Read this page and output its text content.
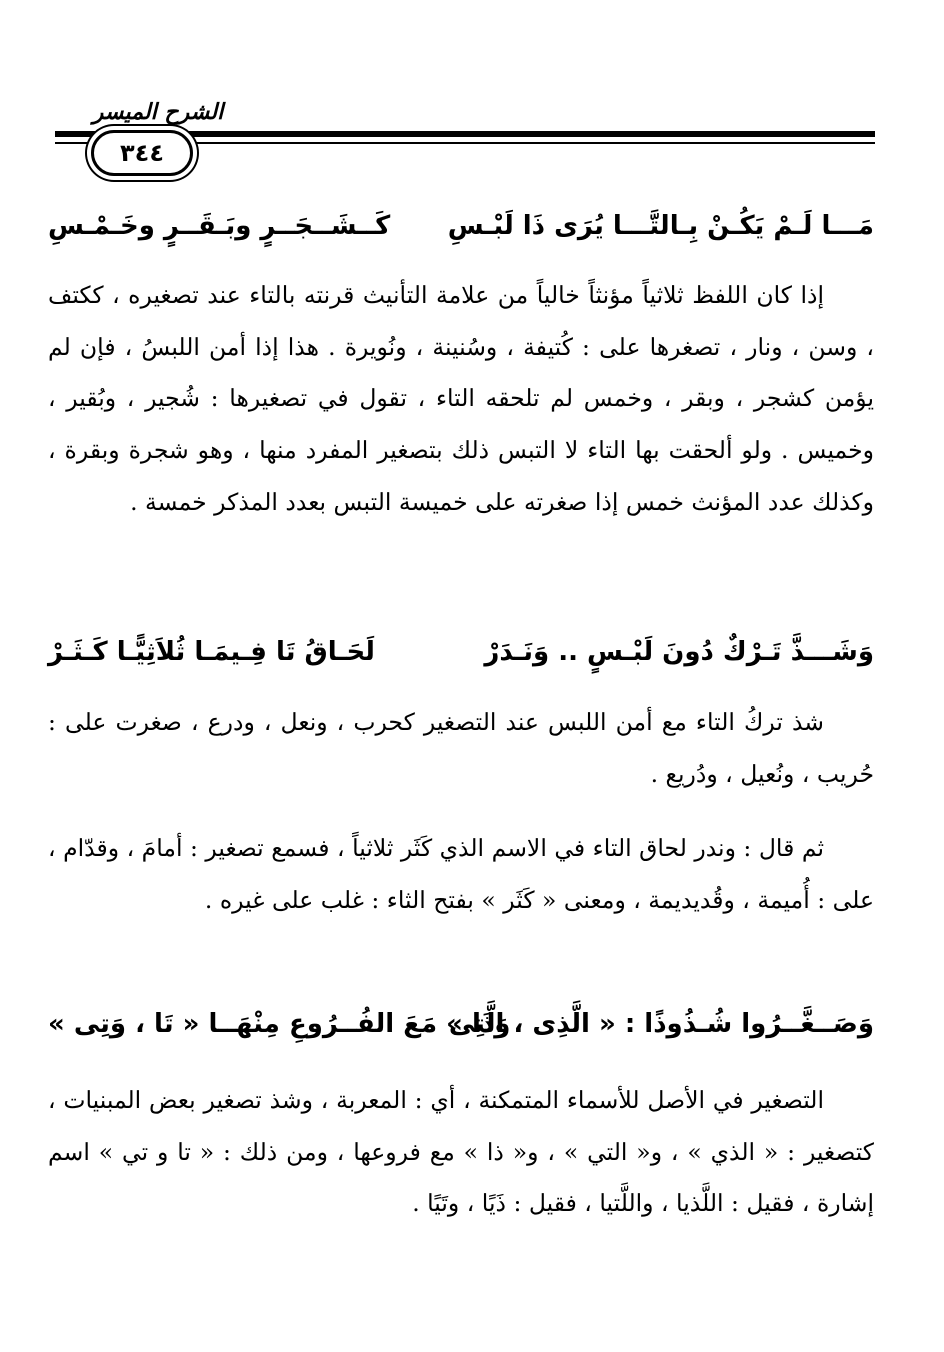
الشرح الميسر
٣٤٤
مَـــا لَـمْ يَكُـنْ بِـالتَّـــا يُرَى ذَا لَبْـسِ
كَــشَــجَــرٍ وبَـقَــرٍ وخَـمْـسِ

إذا كان اللفظ ثلاثياً مؤنثاً خالياً من علامة التأنيث قرنته بالتاء عند تصغيره ، ككتف ، وسن ، ونار ، تصغرها على : كُتيفة ، وسُنينة ، ونُويرة . هذا إذا أمن اللبسُ ، فإن لم يؤمن كشجر ، وبقر ، وخمس لم تلحقه التاء ، تقول في تصغيرها : شُجير ، وبُقير ، وخميس . ولو ألحقت بها التاء لا التبس ذلك بتصغير المفرد منها ، وهو شجرة وبقرة ، وكذلك عدد المؤنث خمس إذا صغرته على خميسة التبس بعدد المذكر خمسة .

وَشَـــذَّ تَـرْكٌ دُونَ لَبْـسٍ .. وَنَـدَرْ
لَحَـاقُ تَا فِـيمَـا ثُلاَثِيًّـا كَـثَـرْ

شذ تركُ التاء مع أمن اللبس عند التصغير كحرب ، ونعل ، ودرع ، صغرت على : حُريب ، ونُعيل ، ودُريع .

ثم قال : وندر لحاق التاء في الاسم الذي كَثَر ثلاثياً ، فسمع تصغير : أمامَ ، وقدّام ، على : أُميمة ، وقُديديمة ، ومعنى « كَثَر » بفتح الثاء : غلب على غيره .

وَصَــغَّــرُوا شُـذُوذًا : « الَّذِى ، الَّتِى
وَذَا » مَعَ الفُــرُوعِ مِنْهَــا « تَا ، وَتِى »

التصغير في الأصل للأسماء المتمكنة ، أي : المعربة ، وشذ تصغير بعض المبنيات ، كتصغير : « الذي » ، و« التي » ، و« ذا » مع فروعها ، ومن ذلك : « تا و تي » اسم إشارة ، فقيل : اللَّذيا ، واللَّتيا ، فقيل : ذَيًا ، وتَيًا .
